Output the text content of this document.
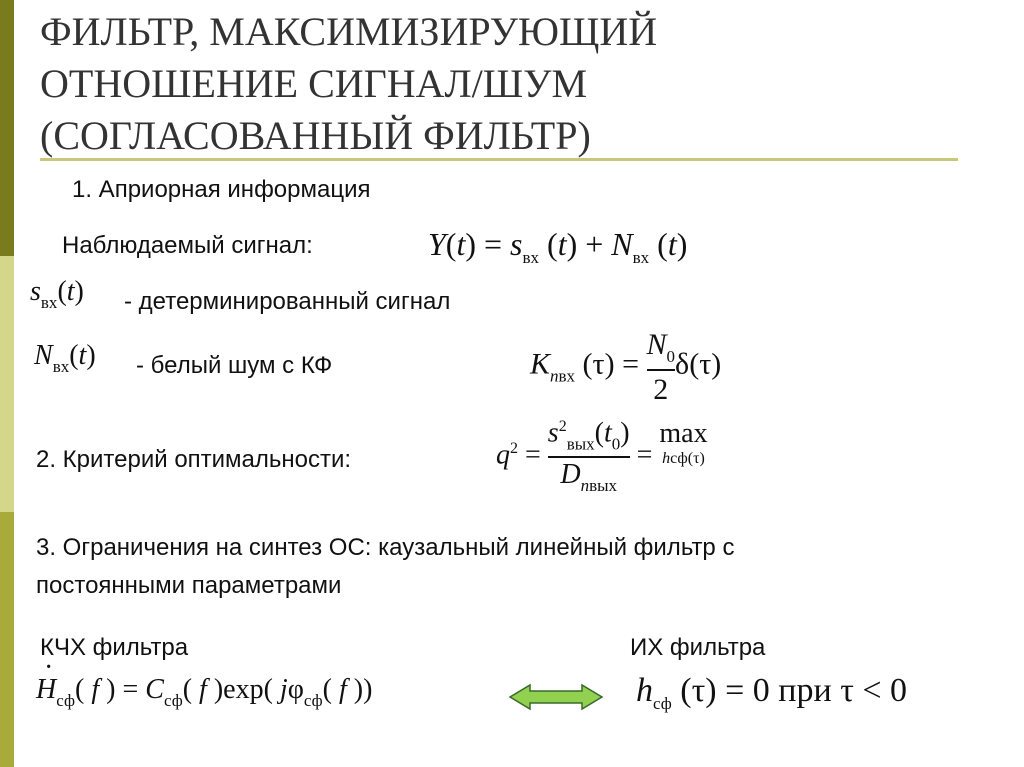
ФИЛЬТР, МАКСИМИЗИРУЮЩИЙ
ОТНОШЕНИЕ СИГНАЛ/ШУМ
(СОГЛАСОВАННЫЙ ФИЛЬТР)
1. Априорная информация
Наблюдаемый сигнал:	$Y(t) = s_{вх}$ $(t) + N_{вх}$ (t)
$s_{вх}(t)$ - детерминированный сигнал
$N_{вх}(t)$ - белый шум с КФ	$K_{nвх}$ $(\tau) = \frac{N_0}{2} \delta(\tau)$
2. Критерий оптимальности:	$q^2 = \frac{s^2_{вых}(t_0)}{D_{nвых}}$ =
max
hсф(τ)
3. Ограничения на синтез ОС: каузальный линейный фильтр с
постоянными параметрами
КЧХ фильтра	ИХ фильтра
H
·
$_{сф}$( f ) = $C_{сф}$( f )exp( $j\varphi_{сф}$( f ))	$h_{сф}$ (τ) = 0 при τ < 0
